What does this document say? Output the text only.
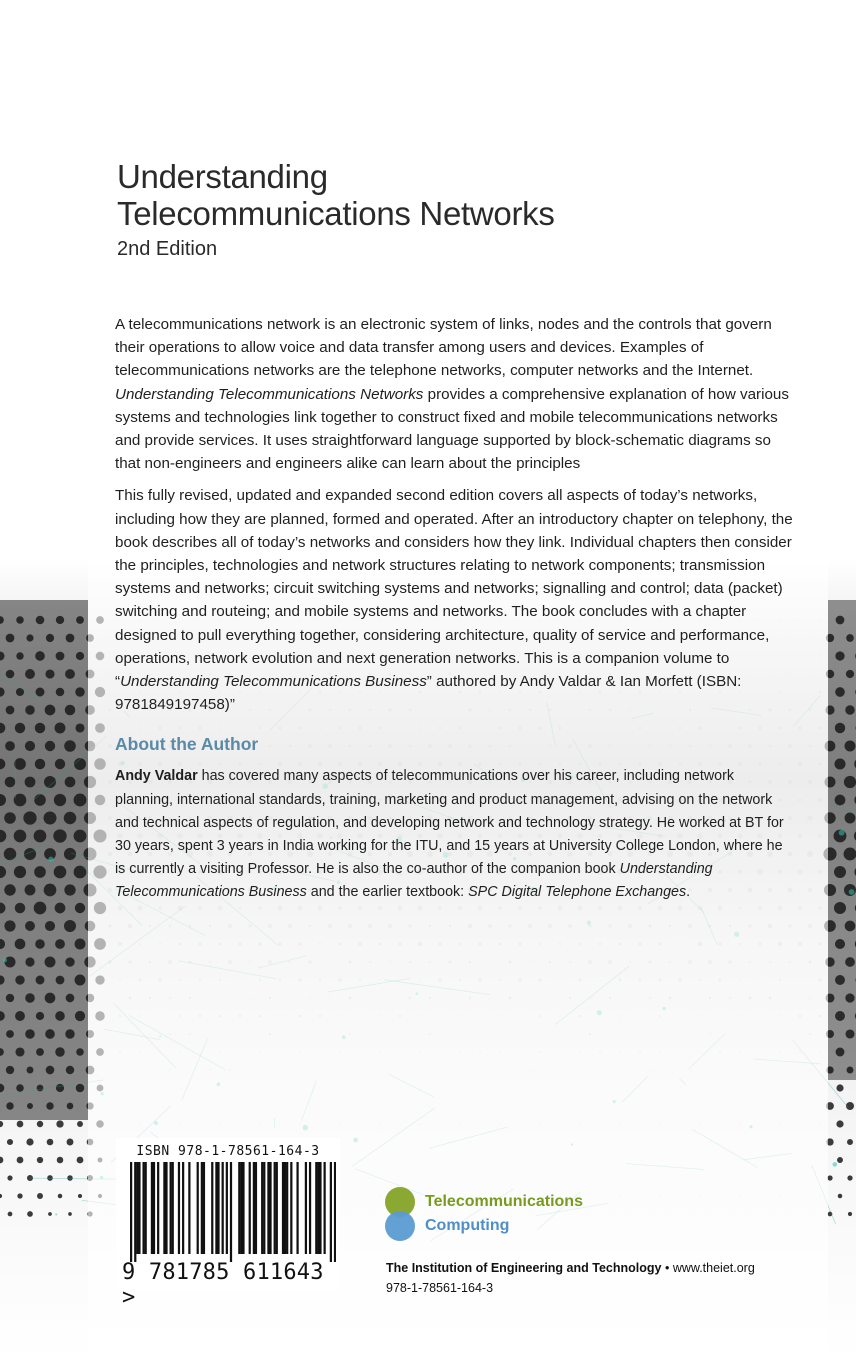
Understanding
Telecommunications Networks
2nd Edition

A telecommunications network is an electronic system of links, nodes and the controls that govern their operations to allow voice and data transfer among users and devices. Examples of telecommunications networks are the telephone networks, computer networks and the Internet. Understanding Telecommunications Networks provides a comprehensive explanation of how various systems and technologies link together to construct fixed and mobile telecommunications networks and provide services. It uses straightforward language supported by block-schematic diagrams so that non-engineers and engineers alike can learn about the principles

This fully revised, updated and expanded second edition covers all aspects of today’s networks, including how they are planned, formed and operated. After an introductory chapter on telephony, the book describes all of today’s networks and considers how they link. Individual chapters then consider the principles, technologies and network structures relating to network components; transmission systems and networks; circuit switching systems and networks; signalling and control; data (packet) switching and routeing; and mobile systems and networks. The book concludes with a chapter designed to pull everything together, considering architecture, quality of service and performance, operations, network evolution and next generation networks. This is a companion volume to “Understanding Telecommunications Business” authored by Andy Valdar & Ian Morfett (ISBN: 9781849197458)”

About the Author

Andy Valdar has covered many aspects of telecommunications over his career, including network planning, international standards, training, marketing and product management, advising on the network and technical aspects of regulation, and developing network and technology strategy. He worked at BT for 30 years, spent 3 years in India working for the ITU, and 15 years at University College London, where he is currently a visiting Professor. He is also the co-author of the companion book Understanding Telecommunications Business and the earlier textbook: SPC Digital Telephone Exchanges.

ISBN 978-1-78561-164-3
9 781785 611643 >
Telecommunications
Computing
The Institution of Engineering and Technology • www.theiet.org
978-1-78561-164-3
